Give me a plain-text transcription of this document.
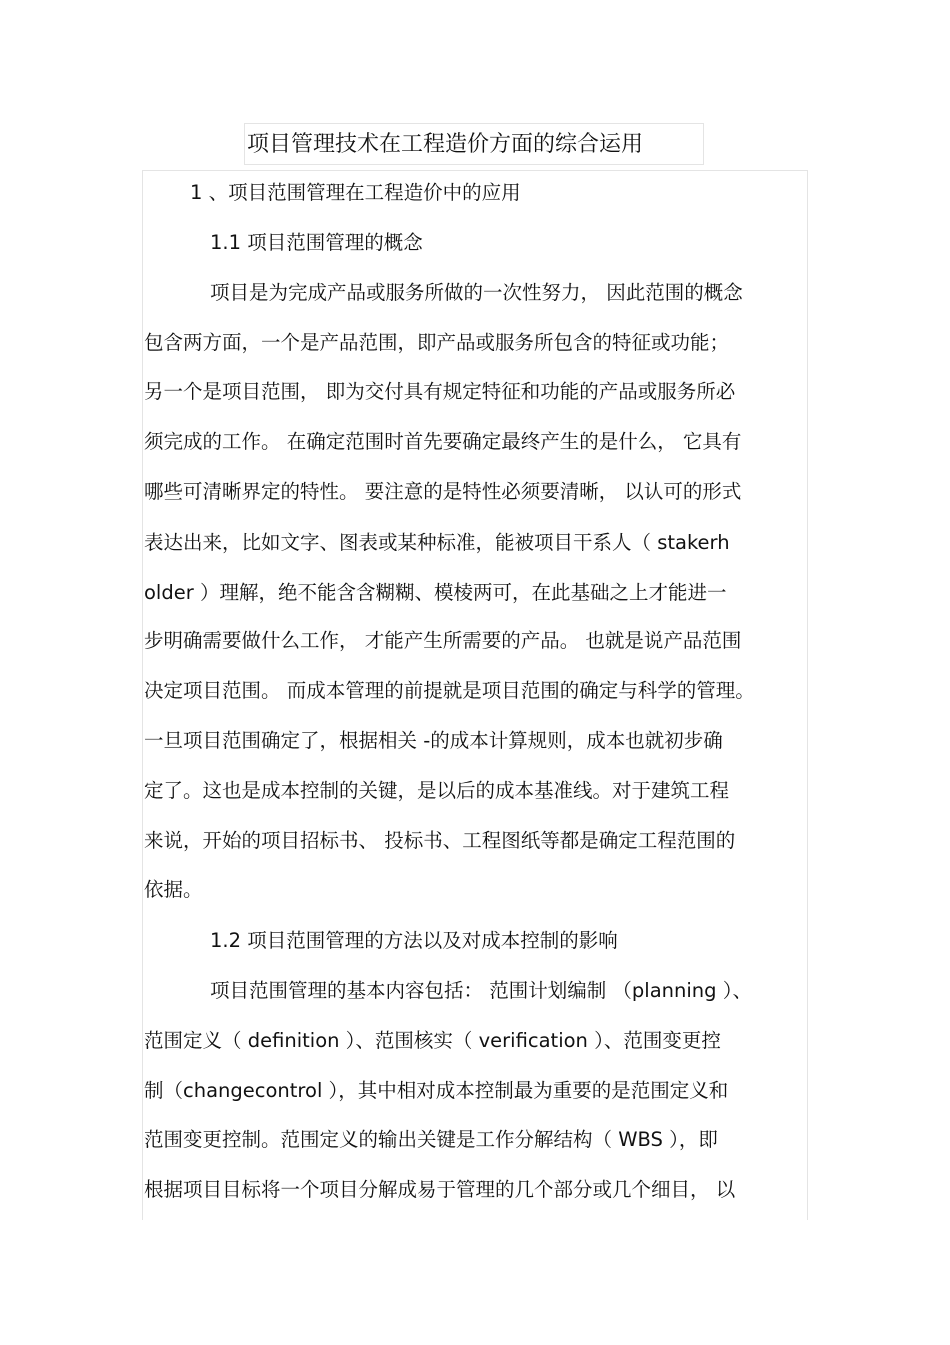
项目管理技术在工程造价方面的综合运用
1 、项目范围管理在工程造价中的应用
1.1 项目范围管理的概念
项目是为完成产品或服务所做的一次性努力， 因此范围的概念
包含两方面，一个是产品范围，即产品或服务所包含的特征或功能；
另一个是项目范围， 即为交付具有规定特征和功能的产品或服务所必
须完成的工作。 在确定范围时首先要确定最终产生的是什么， 它具有
哪些可清晰界定的特性。 要注意的是特性必须要清晰， 以认可的形式
表达出来，比如文字、图表或某种标准，能被项目干系人（ stakerh
older ）理解，绝不能含含糊糊、模棱两可，在此基础之上才能进一
步明确需要做什么工作， 才能产生所需要的产品。 也就是说产品范围
决定项目范围。 而成本管理的前提就是项目范围的确定与科学的管理。
一旦项目范围确定了，根据相关 -的成本计算规则，成本也就初步确
定了。这也是成本控制的关键，是以后的成本基准线。对于建筑工程
来说，开始的项目招标书、 投标书、工程图纸等都是确定工程范围的
依据。
1.2 项目范围管理的方法以及对成本控制的影响
项目范围管理的基本内容包括： 范围计划编制 （planning ）、
范围定义（ definition ）、范围核实（ verification ）、范围变更控
制（changecontrol ），其中相对成本控制最为重要的是范围定义和
范围变更控制。范围定义的输出关键是工作分解结构（ WBS ），即
根据项目目标将一个项目分解成易于管理的几个部分或几个细目， 以
